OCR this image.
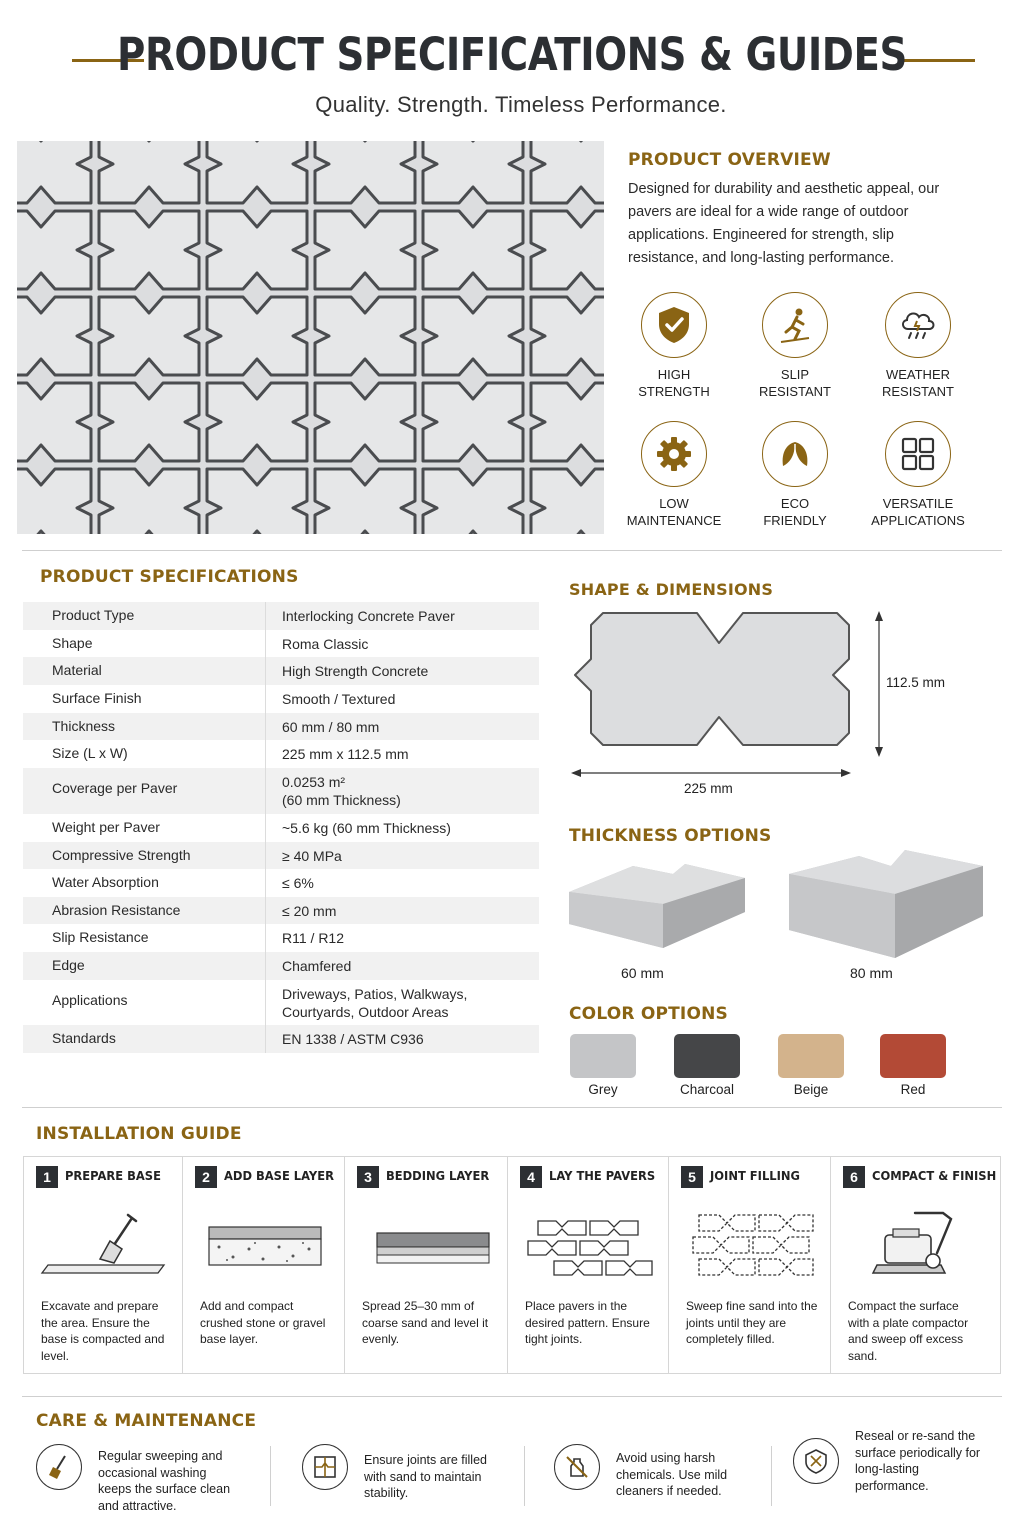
PRODUCT SPECIFICATIONS & GUIDES
Quality. Strength. Timeless Performance.
PRODUCT OVERVIEW
Designed for durability and aesthetic appeal, our pavers are ideal for a wide range of outdoor applications. Engineered for strength, slip resistance, and long-lasting performance.
HIGH
STRENGTH
SLIP
RESISTANT
WEATHER
RESISTANT
LOW
MAINTENANCE
ECO
FRIENDLY
VERSATILE
APPLICATIONS
PRODUCT SPECIFICATIONS
Product Type	Interlocking Concrete Paver
Shape	Roma Classic
Material	High Strength Concrete
Surface Finish	Smooth / Textured
Thickness	60 mm / 80 mm
Size (L x W)	225 mm x 112.5 mm
Coverage per Paver	0.0253 m²
(60 mm Thickness)
Weight per Paver	~5.6 kg (60 mm Thickness)
Compressive Strength	≥ 40 MPa
Water Absorption	≤ 6%
Abrasion Resistance	≤ 20 mm
Slip Resistance	R11 / R12
Edge	Chamfered
Applications	Driveways, Patios, Walkways,
Courtyards, Outdoor Areas
Standards	EN 1338 / ASTM C936
SHAPE & DIMENSIONS
112.5 mm
225 mm
THICKNESS OPTIONS
60 mm	80 mm
COLOR OPTIONS
Grey	Charcoal	Beige	Red
INSTALLATION GUIDE
1	PREPARE BASE
Excavate and prepare the area. Ensure the base is compacted and level.
2	ADD BASE LAYER
Add and compact crushed stone or gravel base layer.
3	BEDDING LAYER
Spread 25–30 mm of coarse sand and level it evenly.
4	LAY THE PAVERS
Place pavers in the desired pattern. Ensure tight joints.
5	JOINT FILLING
Sweep fine sand into the joints until they are completely filled.
6	COMPACT & FINISH
Compact the surface with a plate compactor and sweep off excess sand.
CARE & MAINTENANCE
Regular sweeping and occasional washing keeps the surface clean and attractive.
Ensure joints are filled with sand to maintain stability.
Avoid using harsh chemicals. Use mild cleaners if needed.
Reseal or re-sand the surface periodically for long-lasting performance.
